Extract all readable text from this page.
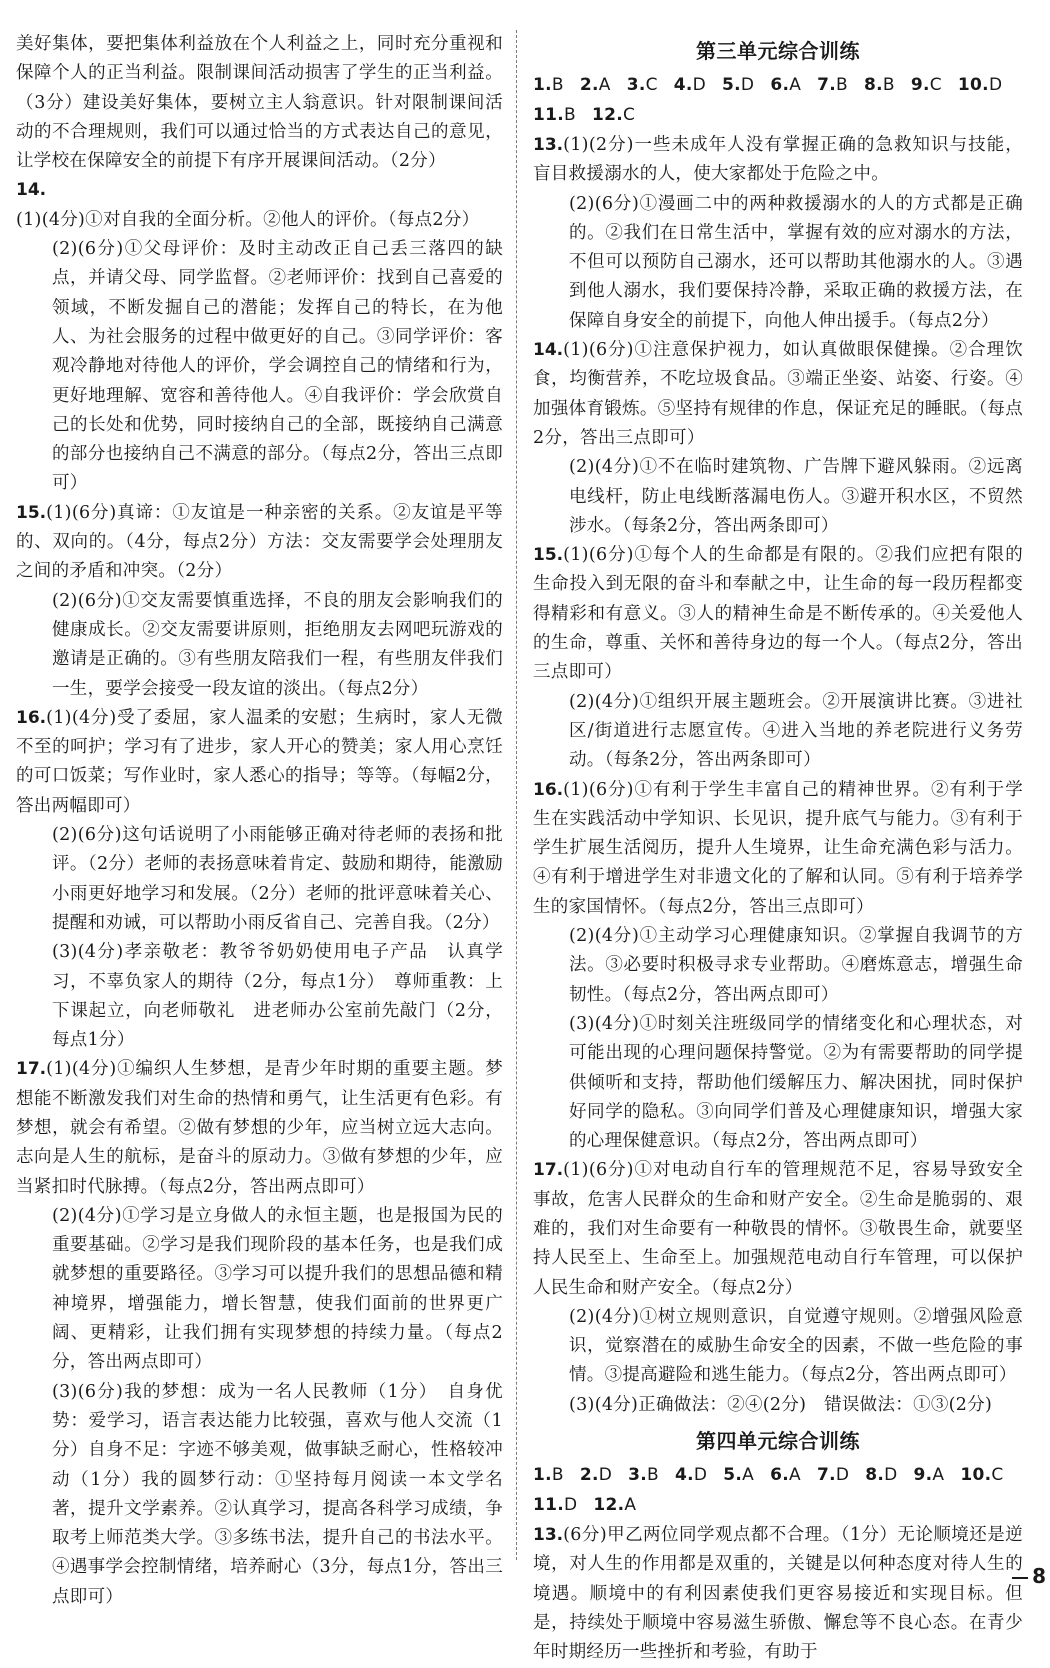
美好集体，要把集体利益放在个人利益之上，同时充分重视和保障个人的正当利益。限制课间活动损害了学生的正当利益。（3分）建设美好集体，要树立主人翁意识。针对限制课间活动的不合理规则，我们可以通过恰当的方式表达自己的意见，让学校在保障安全的前提下有序开展课间活动。（2分）
14.(1)(4分)①对自我的全面分析。②他人的评价。（每点2分）
(2)(6分)①父母评价：及时主动改正自己丢三落四的缺点，并请父母、同学监督。②老师评价：找到自己喜爱的领域，不断发掘自己的潜能；发挥自己的特长，在为他人、为社会服务的过程中做更好的自己。③同学评价：客观冷静地对待他人的评价，学会调控自己的情绪和行为，更好地理解、宽容和善待他人。④自我评价：学会欣赏自己的长处和优势，同时接纳自己的全部，既接纳自己满意的部分也接纳自己不满意的部分。（每点2分，答出三点即可）
15.(1)(6分)真谛：①友谊是一种亲密的关系。②友谊是平等的、双向的。（4分，每点2分）方法：交友需要学会处理朋友之间的矛盾和冲突。（2分）
(2)(6分)①交友需要慎重选择，不良的朋友会影响我们的健康成长。②交友需要讲原则，拒绝朋友去网吧玩游戏的邀请是正确的。③有些朋友陪我们一程，有些朋友伴我们一生，要学会接受一段友谊的淡出。（每点2分）
16.(1)(4分)受了委屈，家人温柔的安慰；生病时，家人无微不至的呵护；学习有了进步，家人开心的赞美；家人用心烹饪的可口饭菜；写作业时，家人悉心的指导；等等。（每幅2分，答出两幅即可）
(2)(6分)这句话说明了小雨能够正确对待老师的表扬和批评。（2分）老师的表扬意味着肯定、鼓励和期待，能激励小雨更好地学习和发展。（2分）老师的批评意味着关心、提醒和劝诫，可以帮助小雨反省自己、完善自我。（2分）
(3)(4分)孝亲敬老：教爷爷奶奶使用电子产品　认真学习，不辜负家人的期待（2分，每点1分）　尊师重教：上下课起立，向老师敬礼　进老师办公室前先敲门（2分，每点1分）
17.(1)(4分)①编织人生梦想，是青少年时期的重要主题。梦想能不断激发我们对生命的热情和勇气，让生活更有色彩。有梦想，就会有希望。②做有梦想的少年，应当树立远大志向。志向是人生的航标，是奋斗的原动力。③做有梦想的少年，应当紧扣时代脉搏。（每点2分，答出两点即可）
(2)(4分)①学习是立身做人的永恒主题，也是报国为民的重要基础。②学习是我们现阶段的基本任务，也是我们成就梦想的重要路径。③学习可以提升我们的思想品德和精神境界，增强能力，增长智慧，使我们面前的世界更广阔、更精彩，让我们拥有实现梦想的持续力量。（每点2分，答出两点即可）
(3)(6分)我的梦想：成为一名人民教师（1分）　自身优势：爱学习，语言表达能力比较强，喜欢与他人交流（1分）自身不足：字迹不够美观，做事缺乏耐心，性格较冲动（1分）我的圆梦行动：①坚持每月阅读一本文学名著，提升文学素养。②认真学习，提高各科学习成绩，争取考上师范类大学。③多练书法，提升自己的书法水平。④遇事学会控制情绪，培养耐心（3分，每点1分，答出三点即可）
第三单元综合训练
1.B 2.A 3.C 4.D 5.D 6.A 7.B 8.B 9.C 10.D
11.B 12.C
13.(1)(2分)一些未成年人没有掌握正确的急救知识与技能，盲目救援溺水的人，使大家都处于危险之中。
(2)(6分)①漫画二中的两种救援溺水的人的方式都是正确的。②我们在日常生活中，掌握有效的应对溺水的方法，不但可以预防自己溺水，还可以帮助其他溺水的人。③遇到他人溺水，我们要保持冷静，采取正确的救援方法，在保障自身安全的前提下，向他人伸出援手。（每点2分）
14.(1)(6分)①注意保护视力，如认真做眼保健操。②合理饮食，均衡营养，不吃垃圾食品。③端正坐姿、站姿、行姿。④加强体育锻炼。⑤坚持有规律的作息，保证充足的睡眠。（每点2分，答出三点即可）
(2)(4分)①不在临时建筑物、广告牌下避风躲雨。②远离电线杆，防止电线断落漏电伤人。③避开积水区，不贸然涉水。（每条2分，答出两条即可）
15.(1)(6分)①每个人的生命都是有限的。②我们应把有限的生命投入到无限的奋斗和奉献之中，让生命的每一段历程都变得精彩和有意义。③人的精神生命是不断传承的。④关爱他人的生命，尊重、关怀和善待身边的每一个人。（每点2分，答出三点即可）
(2)(4分)①组织开展主题班会。②开展演讲比赛。③进社区/街道进行志愿宣传。④进入当地的养老院进行义务劳动。（每条2分，答出两条即可）
16.(1)(6分)①有利于学生丰富自己的精神世界。②有利于学生在实践活动中学知识、长见识，提升底气与能力。③有利于学生扩展生活阅历，提升人生境界，让生命充满色彩与活力。④有利于增进学生对非遗文化的了解和认同。⑤有利于培养学生的家国情怀。（每点2分，答出三点即可）
(2)(4分)①主动学习心理健康知识。②掌握自我调节的方法。③必要时积极寻求专业帮助。④磨炼意志，增强生命韧性。（每点2分，答出两点即可）
(3)(4分)①时刻关注班级同学的情绪变化和心理状态，对可能出现的心理问题保持警觉。②为有需要帮助的同学提供倾听和支持，帮助他们缓解压力、解决困扰，同时保护好同学的隐私。③向同学们普及心理健康知识，增强大家的心理保健意识。（每点2分，答出两点即可）
17.(1)(6分)①对电动自行车的管理规范不足，容易导致安全事故，危害人民群众的生命和财产安全。②生命是脆弱的、艰难的，我们对生命要有一种敬畏的情怀。③敬畏生命，就要坚持人民至上、生命至上。加强规范电动自行车管理，可以保护人民生命和财产安全。（每点2分）
(2)(4分)①树立规则意识，自觉遵守规则。②增强风险意识，觉察潜在的威胁生命安全的因素，不做一些危险的事情。③提高避险和逃生能力。（每点2分，答出两点即可）
(3)(4分)正确做法：②④(2分)　错误做法：①③(2分)
第四单元综合训练
1.B 2.D 3.B 4.D 5.A 6.A 7.D 8.D 9.A 10.C
11.D 12.A
13.(6分)甲乙两位同学观点都不合理。（1分）无论顺境还是逆境，对人生的作用都是双重的，关键是以何种态度对待人生的境遇。顺境中的有利因素使我们更容易接近和实现目标。但是，持续处于顺境中容易滋生骄傲、懈怠等不良心态。在青少年时期经历一些挫折和考验，有助于
8
